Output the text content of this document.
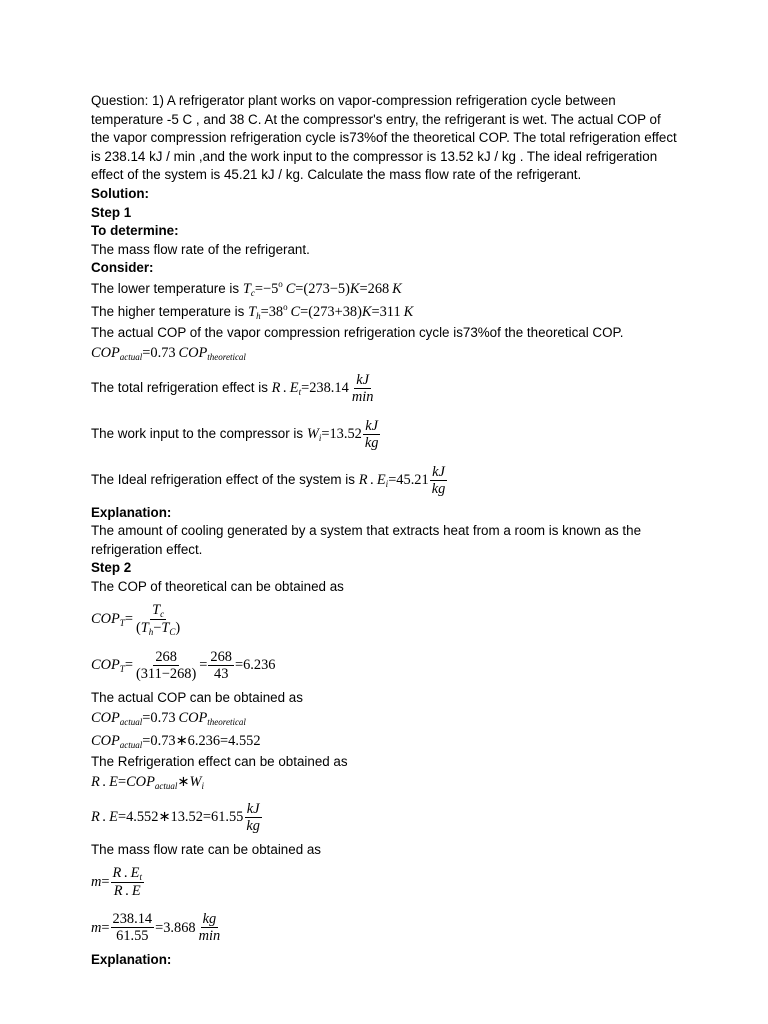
Question: 1) A refrigerator plant works on vapor-compression refrigeration cycle between temperature -5 C , and 38 C. At the compressor's entry, the refrigerant is wet. The actual COP of the vapor compression refrigeration cycle is73%of the theoretical COP. The total refrigeration effect is 238.14 kJ / min ,and the work input to the compressor is 13.52 kJ / kg . The ideal refrigeration effect of the system is 45.21 kJ / kg. Calculate the mass flow rate of the refrigerant.

Solution:

Step 1

To determine:

The mass flow rate of the refrigerant.

Consider:

The lower temperature is
$T_c=-5^o$  C=(273−5)K=268 K
The higher temperature is
$T_h=38^o$  C=(273+38)K=311 K

The actual COP of the vapor compression refrigeration cycle is73%of the theoretical COP.

$COP_{actual}=0.73$ $COP_{theoretical}$
The total refrigeration effect is
R . $E_t =238.14 \frac{kJ}{\min}$
The work input to the compressor is
$W_i =13.52 \frac{kJ}{kg}$
The Ideal refrigeration effect of the system is
R . $E_i =45.21 \frac{kJ}{kg}$

Explanation:

The amount of cooling generated by a system that extracts heat from a room is known as the refrigeration effect.

Step 2

The COP of theoretical can be obtained as

$COP_T= \frac{T_c}{(T_h-T_C)}$
$COP_T= \frac{268}{(311-268)} = \frac{268}{43} =6.236$

The actual COP can be obtained as

$COP_{actual}=0.73$ $COP_{theoretical}$
$COP_{actual}$ =0.73∗6.236=4.552

The Refrigeration effect can be obtained as

R . $E=COP_{actual}∗W_i$
R . E =4.552∗13.52=61.55 $\frac{kJ}{kg}$

The mass flow rate can be obtained as

$m= \frac{R . E_t}{R . E}$
$m= \frac{238.14}{61.55} =3.868 \frac{kg}{\min}$

Explanation:
